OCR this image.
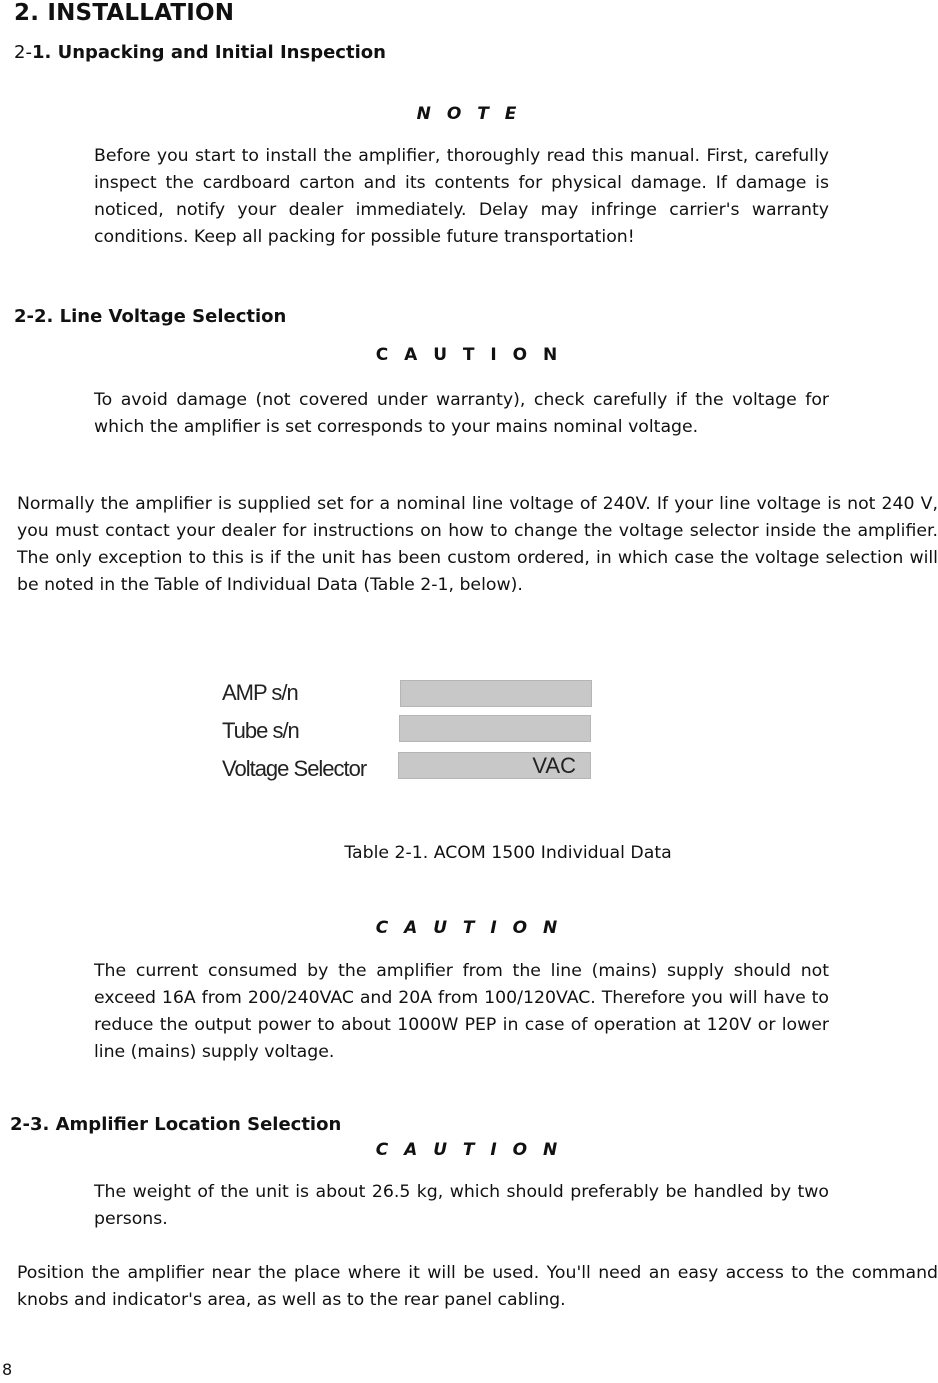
2. INSTALLATION
2-1. Unpacking and Initial Inspection
N O T E
Before you start to install the amplifier, thoroughly read this manual. First, carefully inspect the cardboard carton and its contents for physical damage. If damage is noticed, notify your dealer immediately. Delay may infringe carrier's warranty conditions. Keep all packing for possible future transportation!
2-2. Line Voltage Selection
C A U T I O N
To avoid damage (not covered under warranty), check carefully if the voltage for which the amplifier is set corresponds to your mains nominal voltage.
Normally the amplifier is supplied set for a nominal line voltage of 240V. If your line voltage is not 240 V, you must contact your dealer for instructions on how to change the voltage selector inside the amplifier. The only exception to this is if the unit has been custom ordered, in which case the voltage selection will be noted in the Table of Individual Data (Table 2-1, below).
AMP s/n
Tube s/n
Voltage Selector	VAC
Table 2-1. ACOM 1500 Individual Data
C A U T I O N
The current consumed by the amplifier from the line (mains) supply should not exceed 16A from 200/240VAC and 20A from 100/120VAC. Therefore you will have to reduce the output power to about 1000W PEP in case of operation at 120V or lower line (mains) supply voltage.
2-3. Amplifier Location Selection
C A U T I O N
The weight of the unit is about 26.5 kg, which should preferably be handled by two persons.
Position the amplifier near the place where it will be used. You'll need an easy access to the command knobs and indicator's area, as well as to the rear panel cabling.
8
